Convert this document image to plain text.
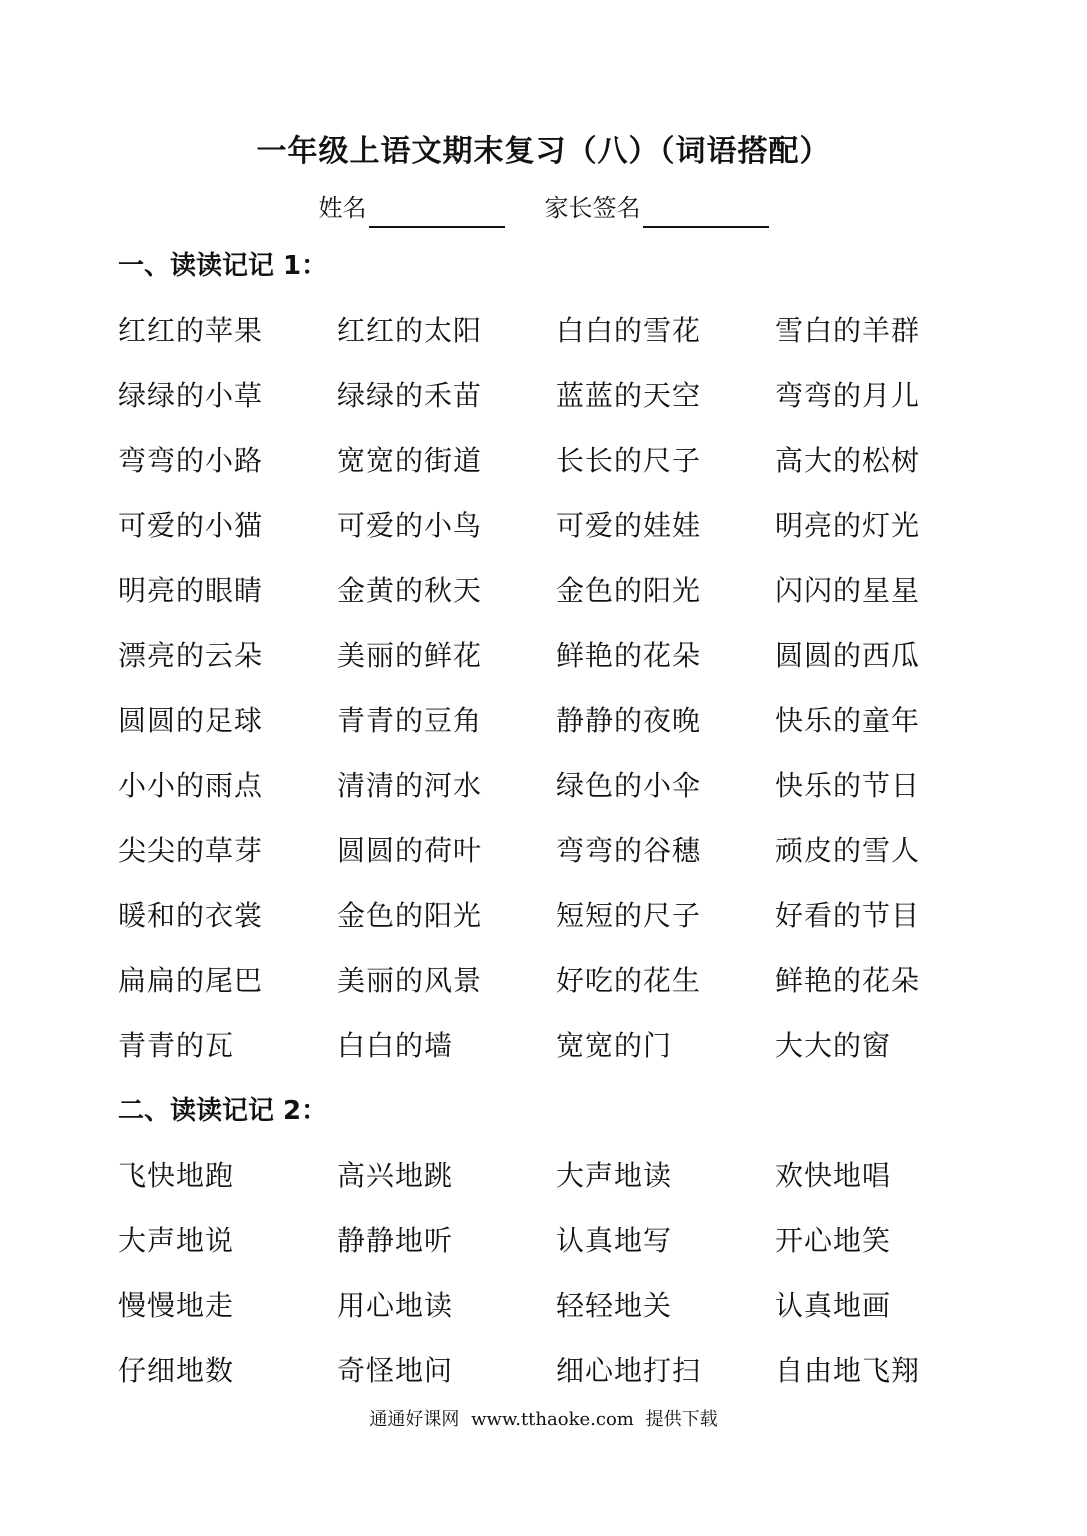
一年级上语文期末复习（八）（词语搭配）
姓名	家长签名
一、读读记记 1：
红红的苹果	红红的太阳	白白的雪花	雪白的羊群
绿绿的小草	绿绿的禾苗	蓝蓝的天空	弯弯的月儿
弯弯的小路	宽宽的街道	长长的尺子	高大的松树
可爱的小猫	可爱的小鸟	可爱的娃娃	明亮的灯光
明亮的眼睛	金黄的秋天	金色的阳光	闪闪的星星
漂亮的云朵	美丽的鲜花	鲜艳的花朵	圆圆的西瓜
圆圆的足球	青青的豆角	静静的夜晚	快乐的童年
小小的雨点	清清的河水	绿色的小伞	快乐的节日
尖尖的草芽	圆圆的荷叶	弯弯的谷穗	顽皮的雪人
暖和的衣裳	金色的阳光	短短的尺子	好看的节目
扁扁的尾巴	美丽的风景	好吃的花生	鲜艳的花朵
青青的瓦	白白的墙	宽宽的门	大大的窗
二、读读记记 2：
飞快地跑	高兴地跳	大声地读	欢快地唱
大声地说	静静地听	认真地写	开心地笑
慢慢地走	用心地读	轻轻地关	认真地画
仔细地数	奇怪地问	细心地打扫	自由地飞翔
通通好课网 www.tthaoke.com 提供下载
